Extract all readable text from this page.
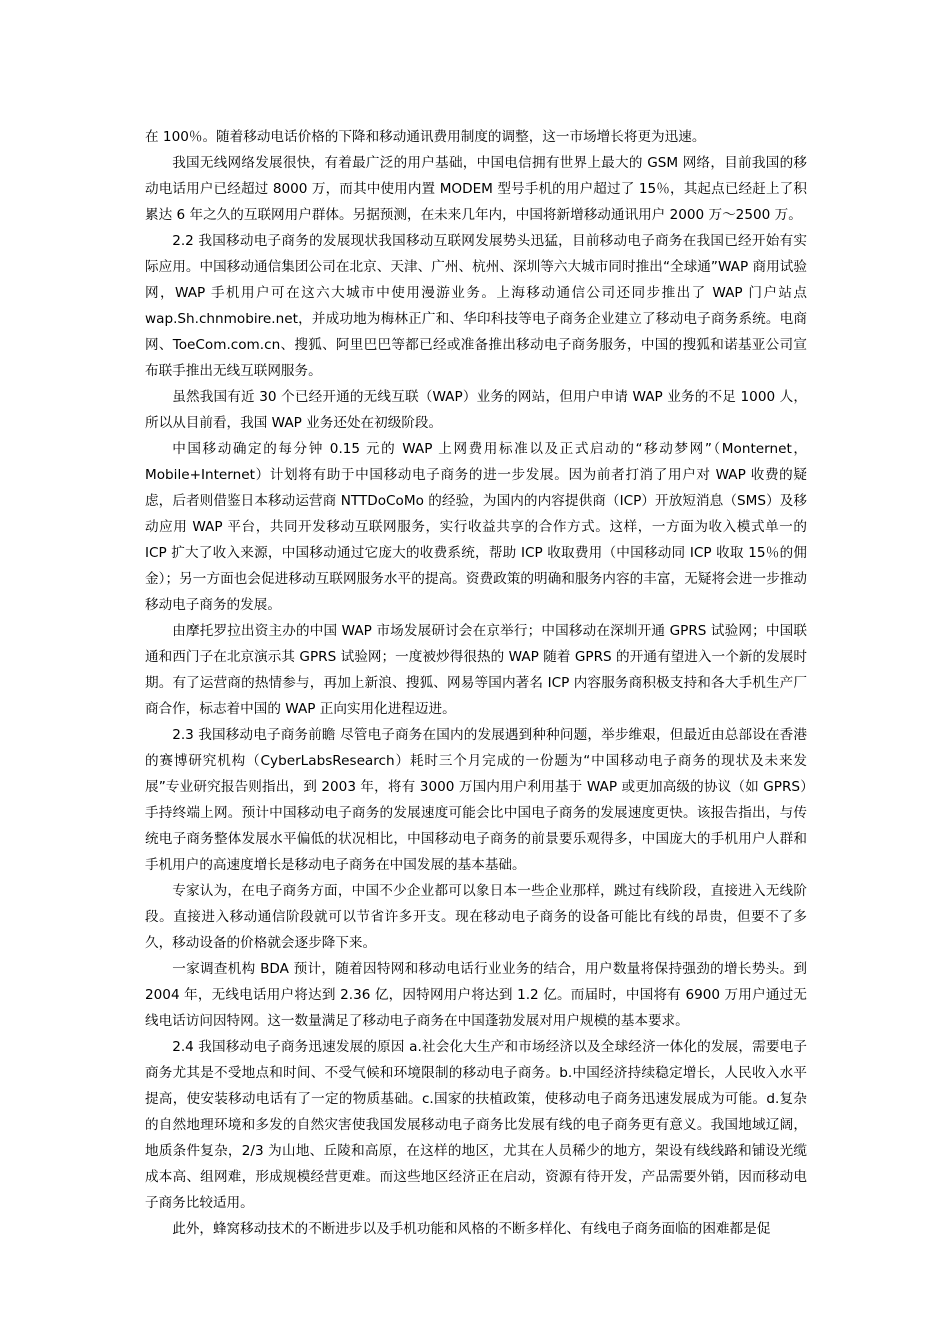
在 100％。随着移动电话价格的下降和移动通讯费用制度的调整，这一市场增长将更为迅速。

我国无线网络发展很快，有着最广泛的用户基础，中国电信拥有世界上最大的 GSM 网络，目前我国的移动电话用户已经超过 8000 万，而其中使用内置 MODEM 型号手机的用户超过了 15％，其起点已经赶上了积累达 6 年之久的互联网用户群体。另据预测，在未来几年内，中国将新增移动通讯用户 2000 万～2500 万。

2.2 我国移动电子商务的发展现状我国移动互联网发展势头迅猛，目前移动电子商务在我国已经开始有实际应用。中国移动通信集团公司在北京、天津、广州、杭州、深圳等六大城市同时推出“全球通”WAP 商用试验网，WAP 手机用户可在这六大城市中使用漫游业务。上海移动通信公司还同步推出了 WAP 门户站点 wap.Sh.chnmobire.net，并成功地为梅林正广和、华印科技等电子商务企业建立了移动电子商务系统。电商网、ToeCom.com.cn、搜狐、阿里巴巴等都已经或准备推出移动电子商务服务，中国的搜狐和诺基亚公司宣布联手推出无线互联网服务。

虽然我国有近 30 个已经开通的无线互联（WAP）业务的网站，但用户申请 WAP 业务的不足 1000 人，所以从目前看，我国 WAP 业务还处在初级阶段。

中国移动确定的每分钟 0.15 元的 WAP 上网费用标准以及正式启动的“移动梦网”（Monternet，Mobile+Internet）计划将有助于中国移动电子商务的进一步发展。因为前者打消了用户对 WAP 收费的疑虑，后者则借鉴日本移动运营商 NTTDoCoMo 的经验，为国内的内容提供商（ICP）开放短消息（SMS）及移动应用 WAP 平台，共同开发移动互联网服务，实行收益共享的合作方式。这样，一方面为收入模式单一的 ICP 扩大了收入来源，中国移动通过它庞大的收费系统，帮助 ICP 收取费用（中国移动同 ICP 收取 15％的佣金）；另一方面也会促进移动互联网服务水平的提高。资费政策的明确和服务内容的丰富，无疑将会进一步推动移动电子商务的发展。

由摩托罗拉出资主办的中国 WAP 市场发展研讨会在京举行；中国移动在深圳开通 GPRS 试验网；中国联通和西门子在北京演示其 GPRS 试验网；一度被炒得很热的 WAP 随着 GPRS 的开通有望进入一个新的发展时期。有了运营商的热情参与，再加上新浪、搜狐、网易等国内著名 ICP 内容服务商积极支持和各大手机生产厂商合作，标志着中国的 WAP 正向实用化进程迈进。

2.3 我国移动电子商务前瞻 尽管电子商务在国内的发展遇到种种问题，举步维艰，但最近由总部设在香港的赛博研究机构（CyberLabsResearch）耗时三个月完成的一份题为“中国移动电子商务的现状及未来发展”专业研究报告则指出，到 2003 年，将有 3000 万国内用户利用基于 WAP 或更加高级的协议（如 GPRS）手持终端上网。预计中国移动电子商务的发展速度可能会比中国电子商务的发展速度更快。该报告指出，与传统电子商务整体发展水平偏低的状况相比，中国移动电子商务的前景要乐观得多，中国庞大的手机用户人群和手机用户的高速度增长是移动电子商务在中国发展的基本基础。

专家认为，在电子商务方面，中国不少企业都可以象日本一些企业那样，跳过有线阶段，直接进入无线阶段。直接进入移动通信阶段就可以节省许多开支。现在移动电子商务的设备可能比有线的昂贵，但要不了多久，移动设备的价格就会逐步降下来。

一家调查机构 BDA 预计，随着因特网和移动电话行业业务的结合，用户数量将保持强劲的增长势头。到 2004 年，无线电话用户将达到 2.36 亿，因特网用户将达到 1.2 亿。而届时，中国将有 6900 万用户通过无线电话访问因特网。这一数量满足了移动电子商务在中国蓬勃发展对用户规模的基本要求。

2.4 我国移动电子商务迅速发展的原因 a.社会化大生产和市场经济以及全球经济一体化的发展，需要电子商务尤其是不受地点和时间、不受气候和环境限制的移动电子商务。b.中国经济持续稳定增长，人民收入水平提高，使安装移动电话有了一定的物质基础。c.国家的扶植政策，使移动电子商务迅速发展成为可能。d.复杂的自然地理环境和多发的自然灾害使我国发展移动电子商务比发展有线的电子商务更有意义。我国地域辽阔，地质条件复杂，2/3 为山地、丘陵和高原，在这样的地区，尤其在人员稀少的地方，架设有线线路和铺设光缆成本高、组网难，形成规模经营更难。而这些地区经济正在启动，资源有待开发，产品需要外销，因而移动电子商务比较适用。

此外，蜂窝移动技术的不断进步以及手机功能和风格的不断多样化、有线电子商务面临的困难都是促
